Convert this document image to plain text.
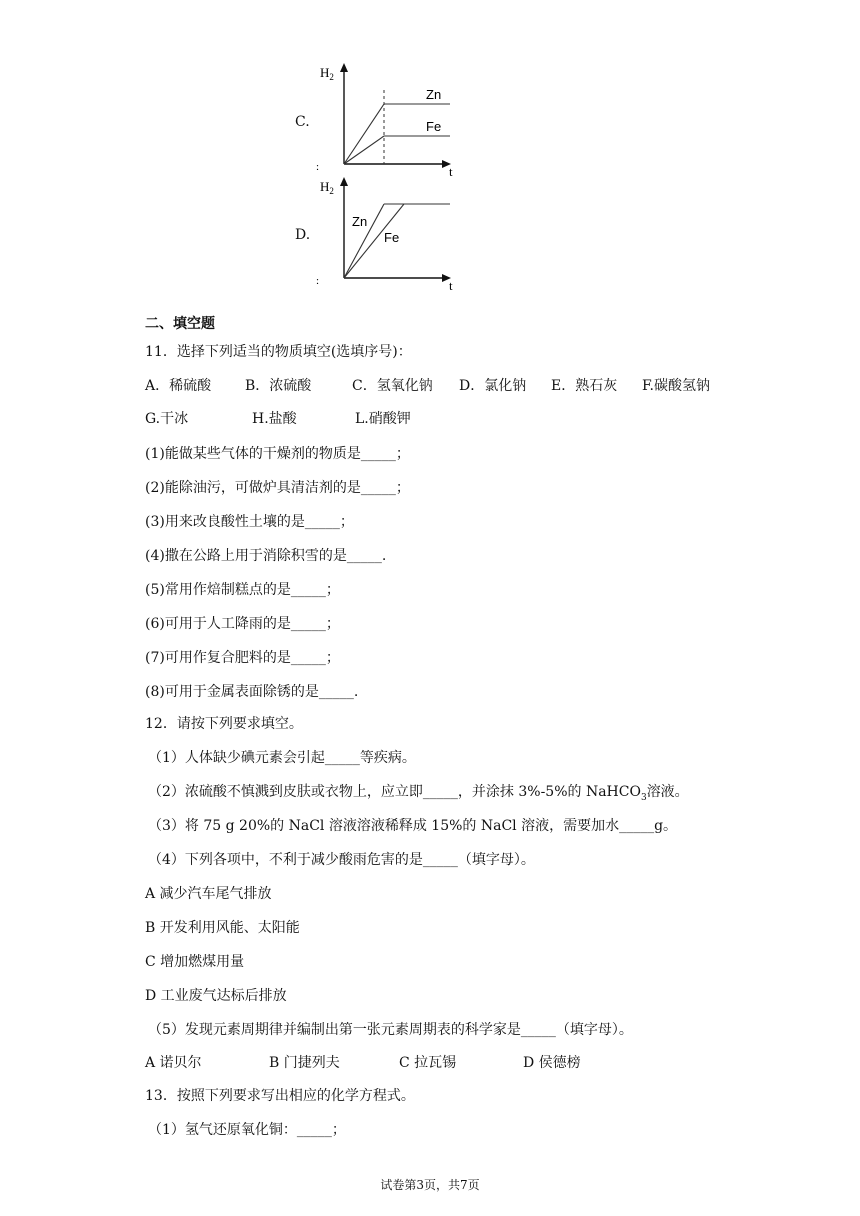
C.
$H_2$
t
:
Zn
Fe
D.
$H_2$
t
:
Zn
Fe
二、填空题
11．选择下列适当的物质填空(选填序号)：
A．稀硫酸 B．浓硫酸	C．氢氧化钠 D．氯化钠 E．熟石灰 F.碳酸氢钠
G.干冰	H.盐酸	L.硝酸钾
(1)能做某些气体的干燥剂的物质是_____；
(2)能除油污，可做炉具清洁剂的是_____；
(3)用来改良酸性土壤的是_____；
(4)撒在公路上用于消除积雪的是_____.
(5)常用作焙制糕点的是_____；
(6)可用于人工降雨的是_____；
(7)可用作复合肥料的是_____；
(8)可用于金属表面除锈的是_____.
12．请按下列要求填空。
（1）人体缺少碘元素会引起_____等疾病。
（2）浓硫酸不慎溅到皮肤或衣物上，应立即_____，并涂抹 3%-5%的 NaHCO$_3$溶液。
（3）将 75 g 20%的 NaCl 溶液溶液稀释成 15%的 NaCl 溶液，需要加水_____g。
（4）下列各项中，不利于减少酸雨危害的是_____（填字母）。
A 减少汽车尾气排放
B 开发利用风能、太阳能
C 增加燃煤用量
D 工业废气达标后排放
（5）发现元素周期律并编制出第一张元素周期表的科学家是_____（填字母）。
A 诺贝尔	B 门捷列夫	C 拉瓦锡	D 侯德榜
13．按照下列要求写出相应的化学方程式。
（1）氢气还原氧化铜：_____；
试卷第3页，共7页
